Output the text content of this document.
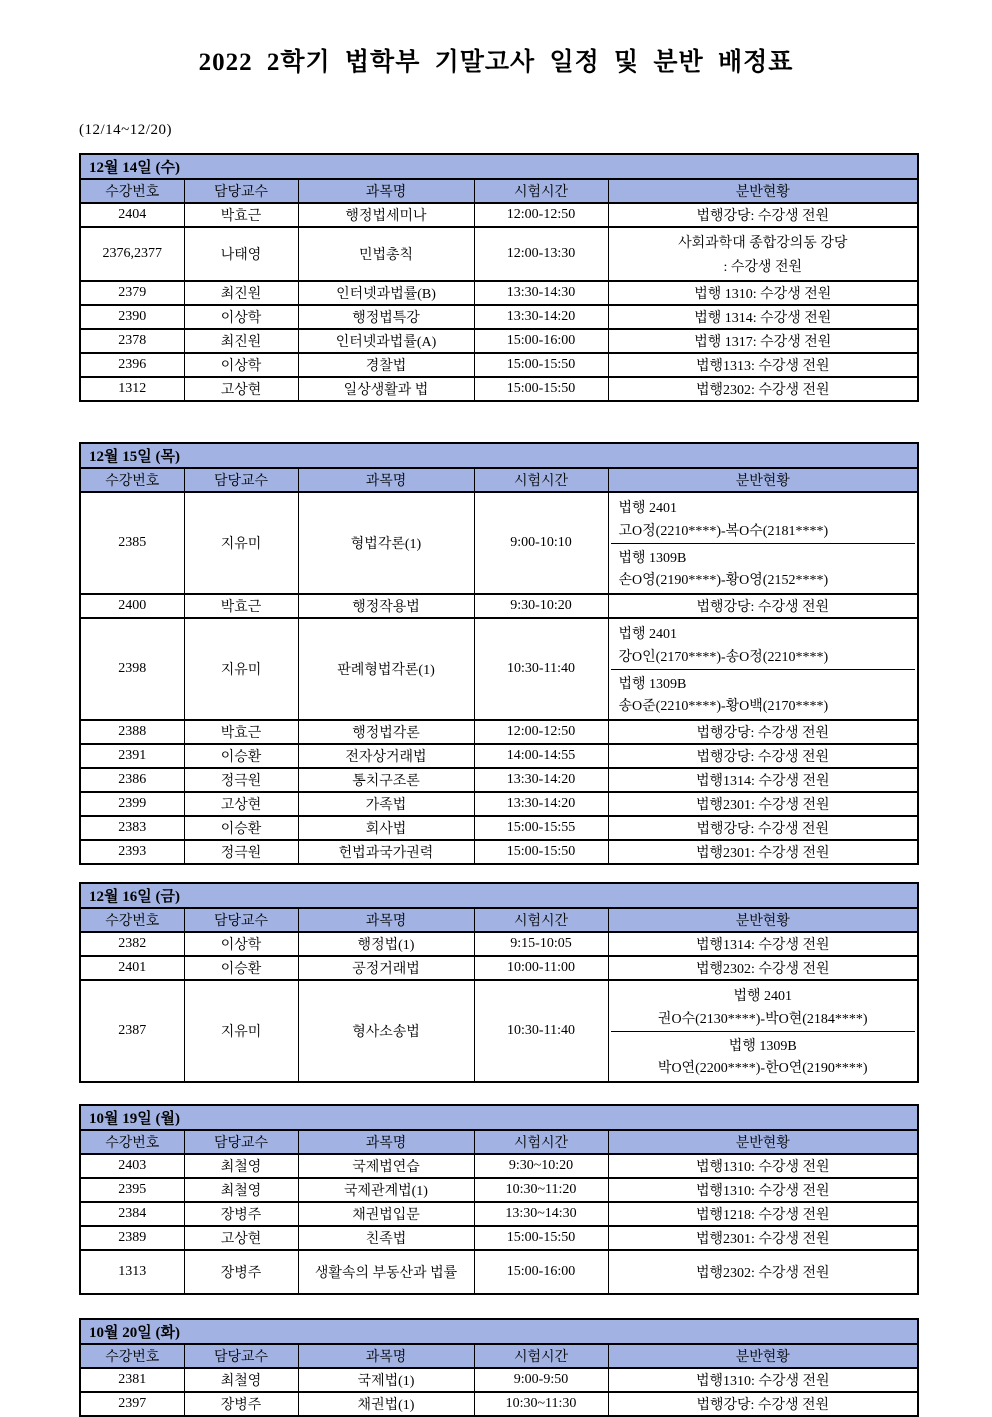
2022 2학기 법학부 기말고사 일정 및 분반 배정표
(12/14~12/20)
12월 14일 (수)				
수강번호	담당교수	과목명	시험시간	분반현황
2404	박효근	행정법세미나	12:00-12:50	법행강당: 수강생 전원
2376,2377	나태영	민법총칙	12:00-13:30	사회과학대 종합강의동 강당
: 수강생 전원

2379	최진원	인터넷과법률(B)	13:30-14:30	법행 1310: 수강생 전원
2390	이상학	행정법특강	13:30-14:20	법행 1314: 수강생 전원
2378	최진원	인터넷과법률(A)	15:00-16:00	법행 1317: 수강생 전원
2396	이상학	경찰법	15:00-15:50	법행1313: 수강생 전원
1312	고상현	일상생활과 법	15:00-15:50	법행2302: 수강생 전원
12월 15일 (목)				
수강번호	담당교수	과목명	시험시간	분반현황
2385	지유미	형법각론(1)	9:00-10:10	법행 2401
고O정(2210****)-복O수(2181****)
법행 1309B
손O영(2190****)-황O영(2152****)

2400	박효근	행정작용법	9:30-10:20	법행강당: 수강생 전원
2398	지유미	판례형법각론(1)	10:30-11:40	법행 2401
강O인(2170****)-송O정(2210****)
법행 1309B
송O준(2210****)-황O백(2170****)

2388	박효근	행정법각론	12:00-12:50	법행강당: 수강생 전원
2391	이승환	전자상거래법	14:00-14:55	법행강당: 수강생 전원
2386	정극원	통치구조론	13:30-14:20	법행1314: 수강생 전원
2399	고상현	가족법	13:30-14:20	법행2301: 수강생 전원
2383	이승환	회사법	15:00-15:55	법행강당: 수강생 전원
2393	정극원	헌법과국가권력	15:00-15:50	법행2301: 수강생 전원
12월 16일 (금)				
수강번호	담당교수	과목명	시험시간	분반현황
2382	이상학	행정법(1)	9:15-10:05	법행1314: 수강생 전원
2401	이승환	공정거래법	10:00-11:00	법행2302: 수강생 전원
2387	지유미	형사소송법	10:30-11:40	법행 2401
권O수(2130****)-박O현(2184****)
법행 1309B
박O연(2200****)-한O연(2190****)
10월 19일 (월)				
수강번호	담당교수	과목명	시험시간	분반현황
2403	최철영	국제법연습	9:30~10:20	법행1310: 수강생 전원
2395	최철영	국제관계법(1)	10:30~11:20	법행1310: 수강생 전원
2384	장병주	채권법입문	13:30~14:30	법행1218: 수강생 전원
2389	고상현	친족법	15:00-15:50	법행2301: 수강생 전원
1313	장병주	생활속의 부동산과 법률	15:00-16:00	법행2302: 수강생 전원
10월 20일 (화)				
수강번호	담당교수	과목명	시험시간	분반현황
2381	최철영	국제법(1)	9:00-9:50	법행1310: 수강생 전원
2397	장병주	채권법(1)	10:30~11:30	법행강당: 수강생 전원
